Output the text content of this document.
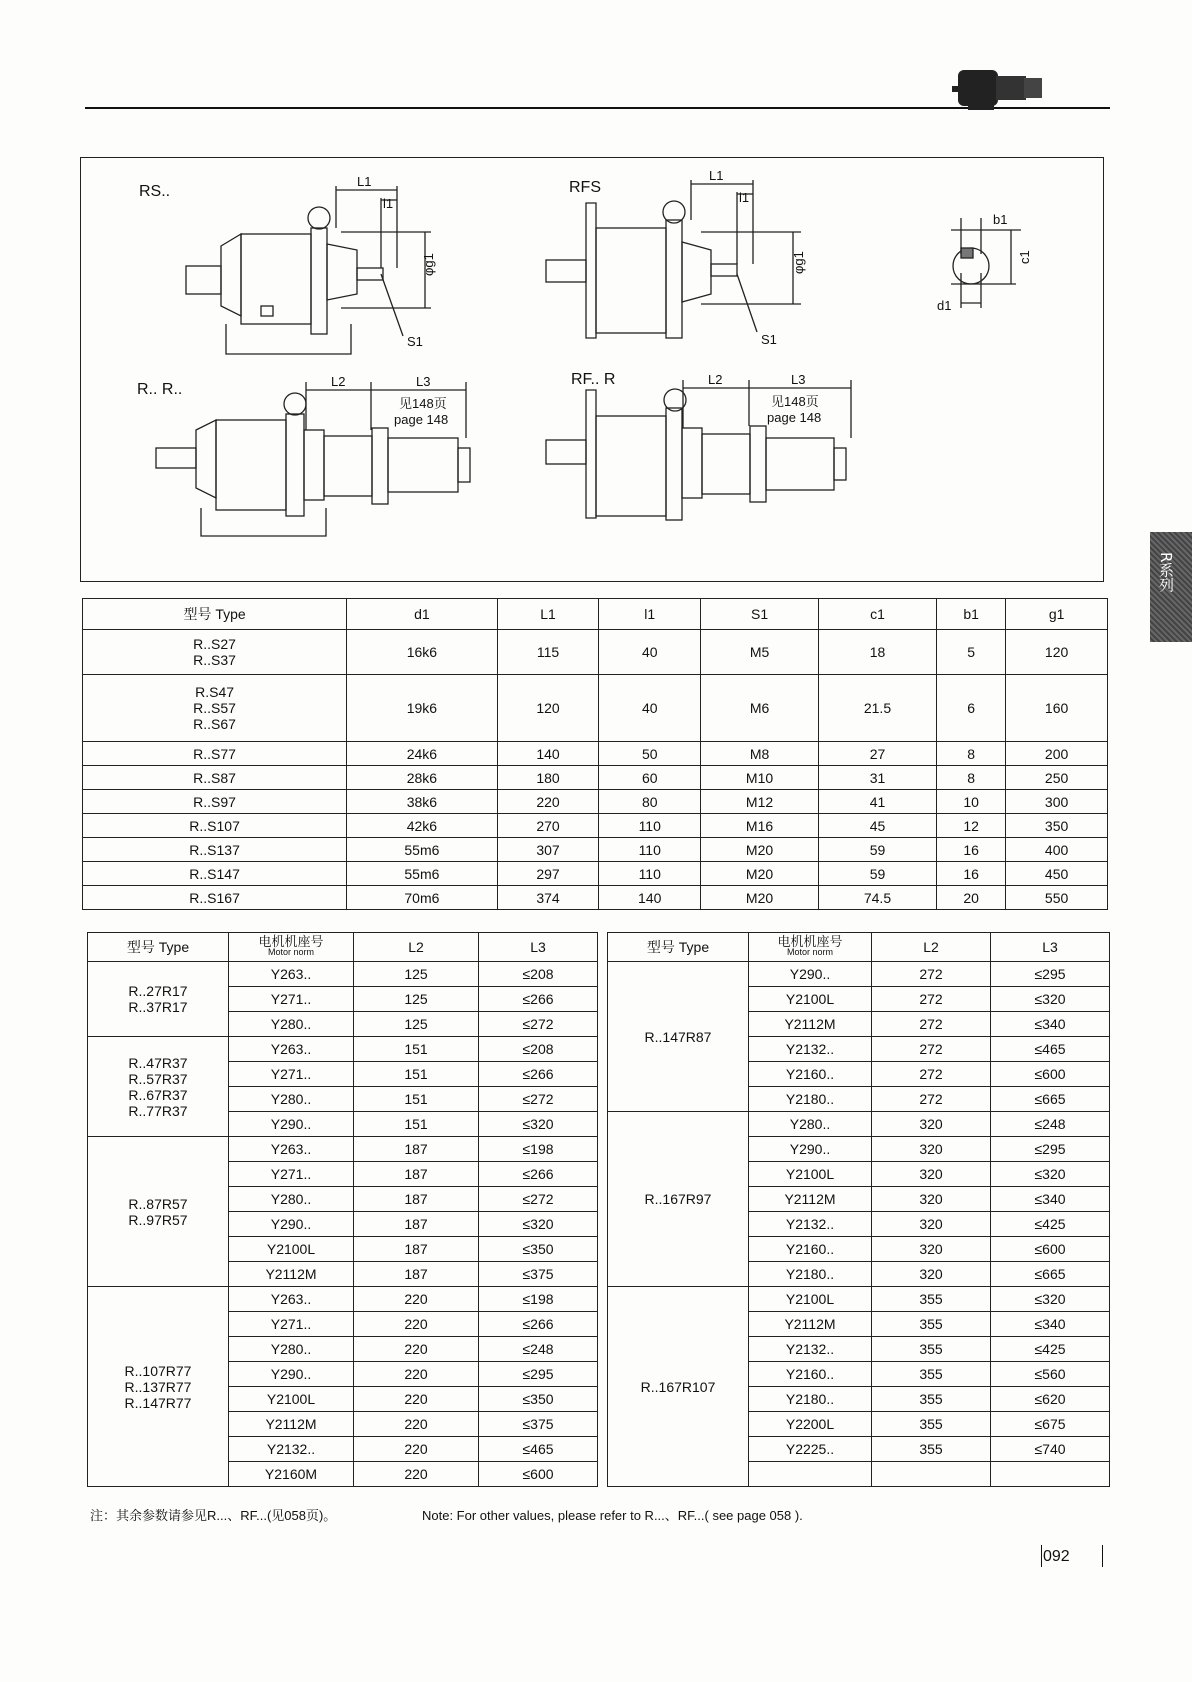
RS..	RFS
R.. R..
RF.. R
L1
l1
φg1
S1
L1
l1
φg1
S1
b1
c1
d1
L2	L3
见148页
page 148
L2	L3
见148页
page 148
型号 Type	d1	L1	l1	S1	c1	b1	g1
R..S27
R..S37	16k6	115	40	M5	18	5	120
R.S47
R..S57
R..S67	19k6	120	40	M6	21.5	6	160
R..S77	24k6	140	50	M8	27	8	200
R..S87	28k6	180	60	M10	31	8	250
R..S97	38k6	220	80	M12	41	10	300
R..S107	42k6	270	110	M16	45	12	350
R..S137	55m6	307	110	M20	59	16	400
R..S147	55m6	297	110	M20	59	16	450
R..S167	70m6	374	140	M20	74.5	20	550
型号 Type	电机机座号
Motor norm	L2	L3
R..27R17
R..37R17	Y263..	125	≤208
	Y271..	125	≤266
	Y280..	125	≤272
R..47R37
R..57R37
R..67R37
R..77R37	Y263..	151	≤208
	Y271..	151	≤266
	Y280..	151	≤272
	Y290..	151	≤320
R..87R57
R..97R57	Y263..	187	≤198
	Y271..	187	≤266
	Y280..	187	≤272
	Y290..	187	≤320
	Y2100L	187	≤350
	Y2112M	187	≤375
R..107R77
R..137R77
R..147R77	Y263..	220	≤198
	Y271..	220	≤266
	Y280..	220	≤248
	Y290..	220	≤295
	Y2100L	220	≤350
	Y2112M	220	≤375
	Y2132..	220	≤465
	Y2160M	220	≤600
型号 Type	电机机座号
Motor norm	L2	L3
R..147R87	Y290..	272	≤295
	Y2100L	272	≤320
	Y2112M	272	≤340
	Y2132..	272	≤465
	Y2160..	272	≤600
	Y2180..	272	≤665
R..167R97	Y280..	320	≤248
	Y290..	320	≤295
	Y2100L	320	≤320
	Y2112M	320	≤340
	Y2132..	320	≤425
	Y2160..	320	≤600
	Y2180..	320	≤665
R..167R107	Y2100L	355	≤320
	Y2112M	355	≤340
	Y2132..	355	≤425
	Y2160..	355	≤560
	Y2180..	355	≤620
	Y2200L	355	≤675
	Y2225..	355	≤740

注：其余参数请参见R...、RF...(见058页)。	Note: For other values, please refer to R...、RF...( see page 058 ).
092
R系列
